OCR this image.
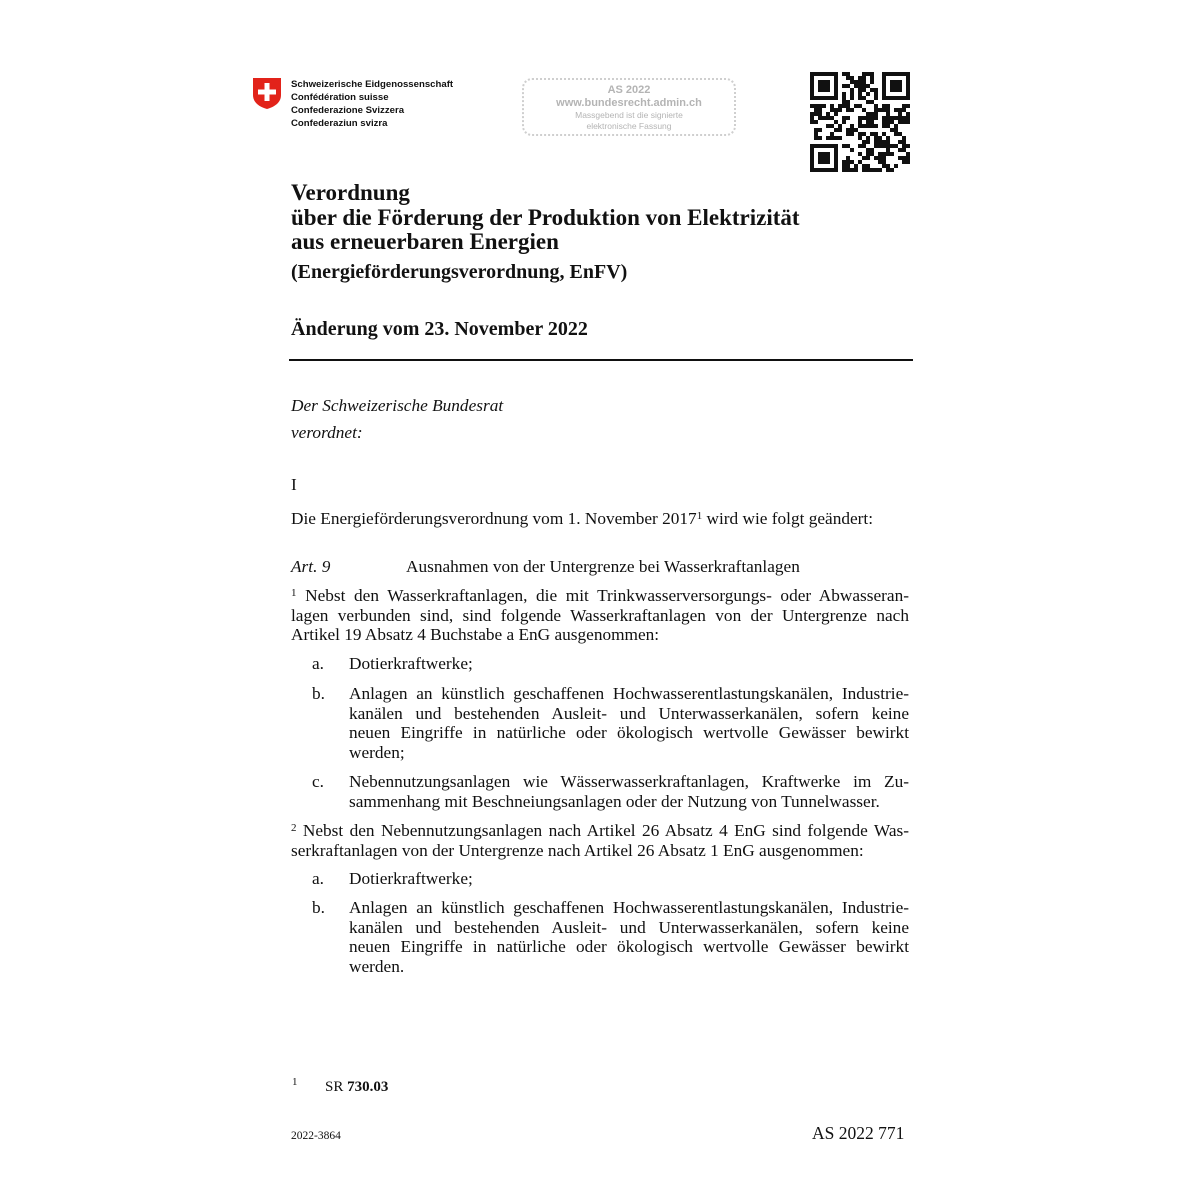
Schweizerische Eidgenossenschaft
Confédération suisse
Confederazione Svizzera
Confederaziun svizra
AS 2022
www.bundesrecht.admin.ch
Massgebend ist die signierte
elektronische Fassung
Verordnung
über die Förderung der Produktion von Elektrizität
aus erneuerbaren Energien
(Energieförderungsverordnung, EnFV)
Änderung vom 23. November 2022
Der Schweizerische Bundesrat
verordnet:
I
Die Energieförderungsverordnung vom 1. November 2017$^1$ wird wie folgt geändert:
Art. 9	Ausnahmen von der Untergrenze bei Wasserkraftanlagen
$^1$ Nebst den Wasserkraftanlagen, die mit Trinkwasserversorgungs- oder Abwasseran-
lagen verbunden sind, sind folgende Wasserkraftanlagen von der Untergrenze nach
Artikel 19 Absatz 4 Buchstabe a EnG ausgenommen:
a. Dotierkraftwerke;
b. Anlagen an künstlich geschaffenen Hochwasserentlastungskanälen, Industrie-
kanälen und bestehenden Ausleit- und Unterwasserkanälen, sofern keine
neuen Eingriffe in natürliche oder ökologisch wertvolle Gewässer bewirkt
werden;
c. Nebennutzungsanlagen wie Wässerwasserkraftanlagen, Kraftwerke im Zu-
sammenhang mit Beschneiungsanlagen oder der Nutzung von Tunnelwasser.
$^2$ Nebst den Nebennutzungsanlagen nach Artikel 26 Absatz 4 EnG sind folgende Was-
serkraftanlagen von der Untergrenze nach Artikel 26 Absatz 1 EnG ausgenommen:
a. Dotierkraftwerke;
b. Anlagen an künstlich geschaffenen Hochwasserentlastungskanälen, Industrie-
kanälen und bestehenden Ausleit- und Unterwasserkanälen, sofern keine
neuen Eingriffe in natürliche oder ökologisch wertvolle Gewässer bewirkt
werden.
1 SR 730.03
2022-3864	AS 2022 771
